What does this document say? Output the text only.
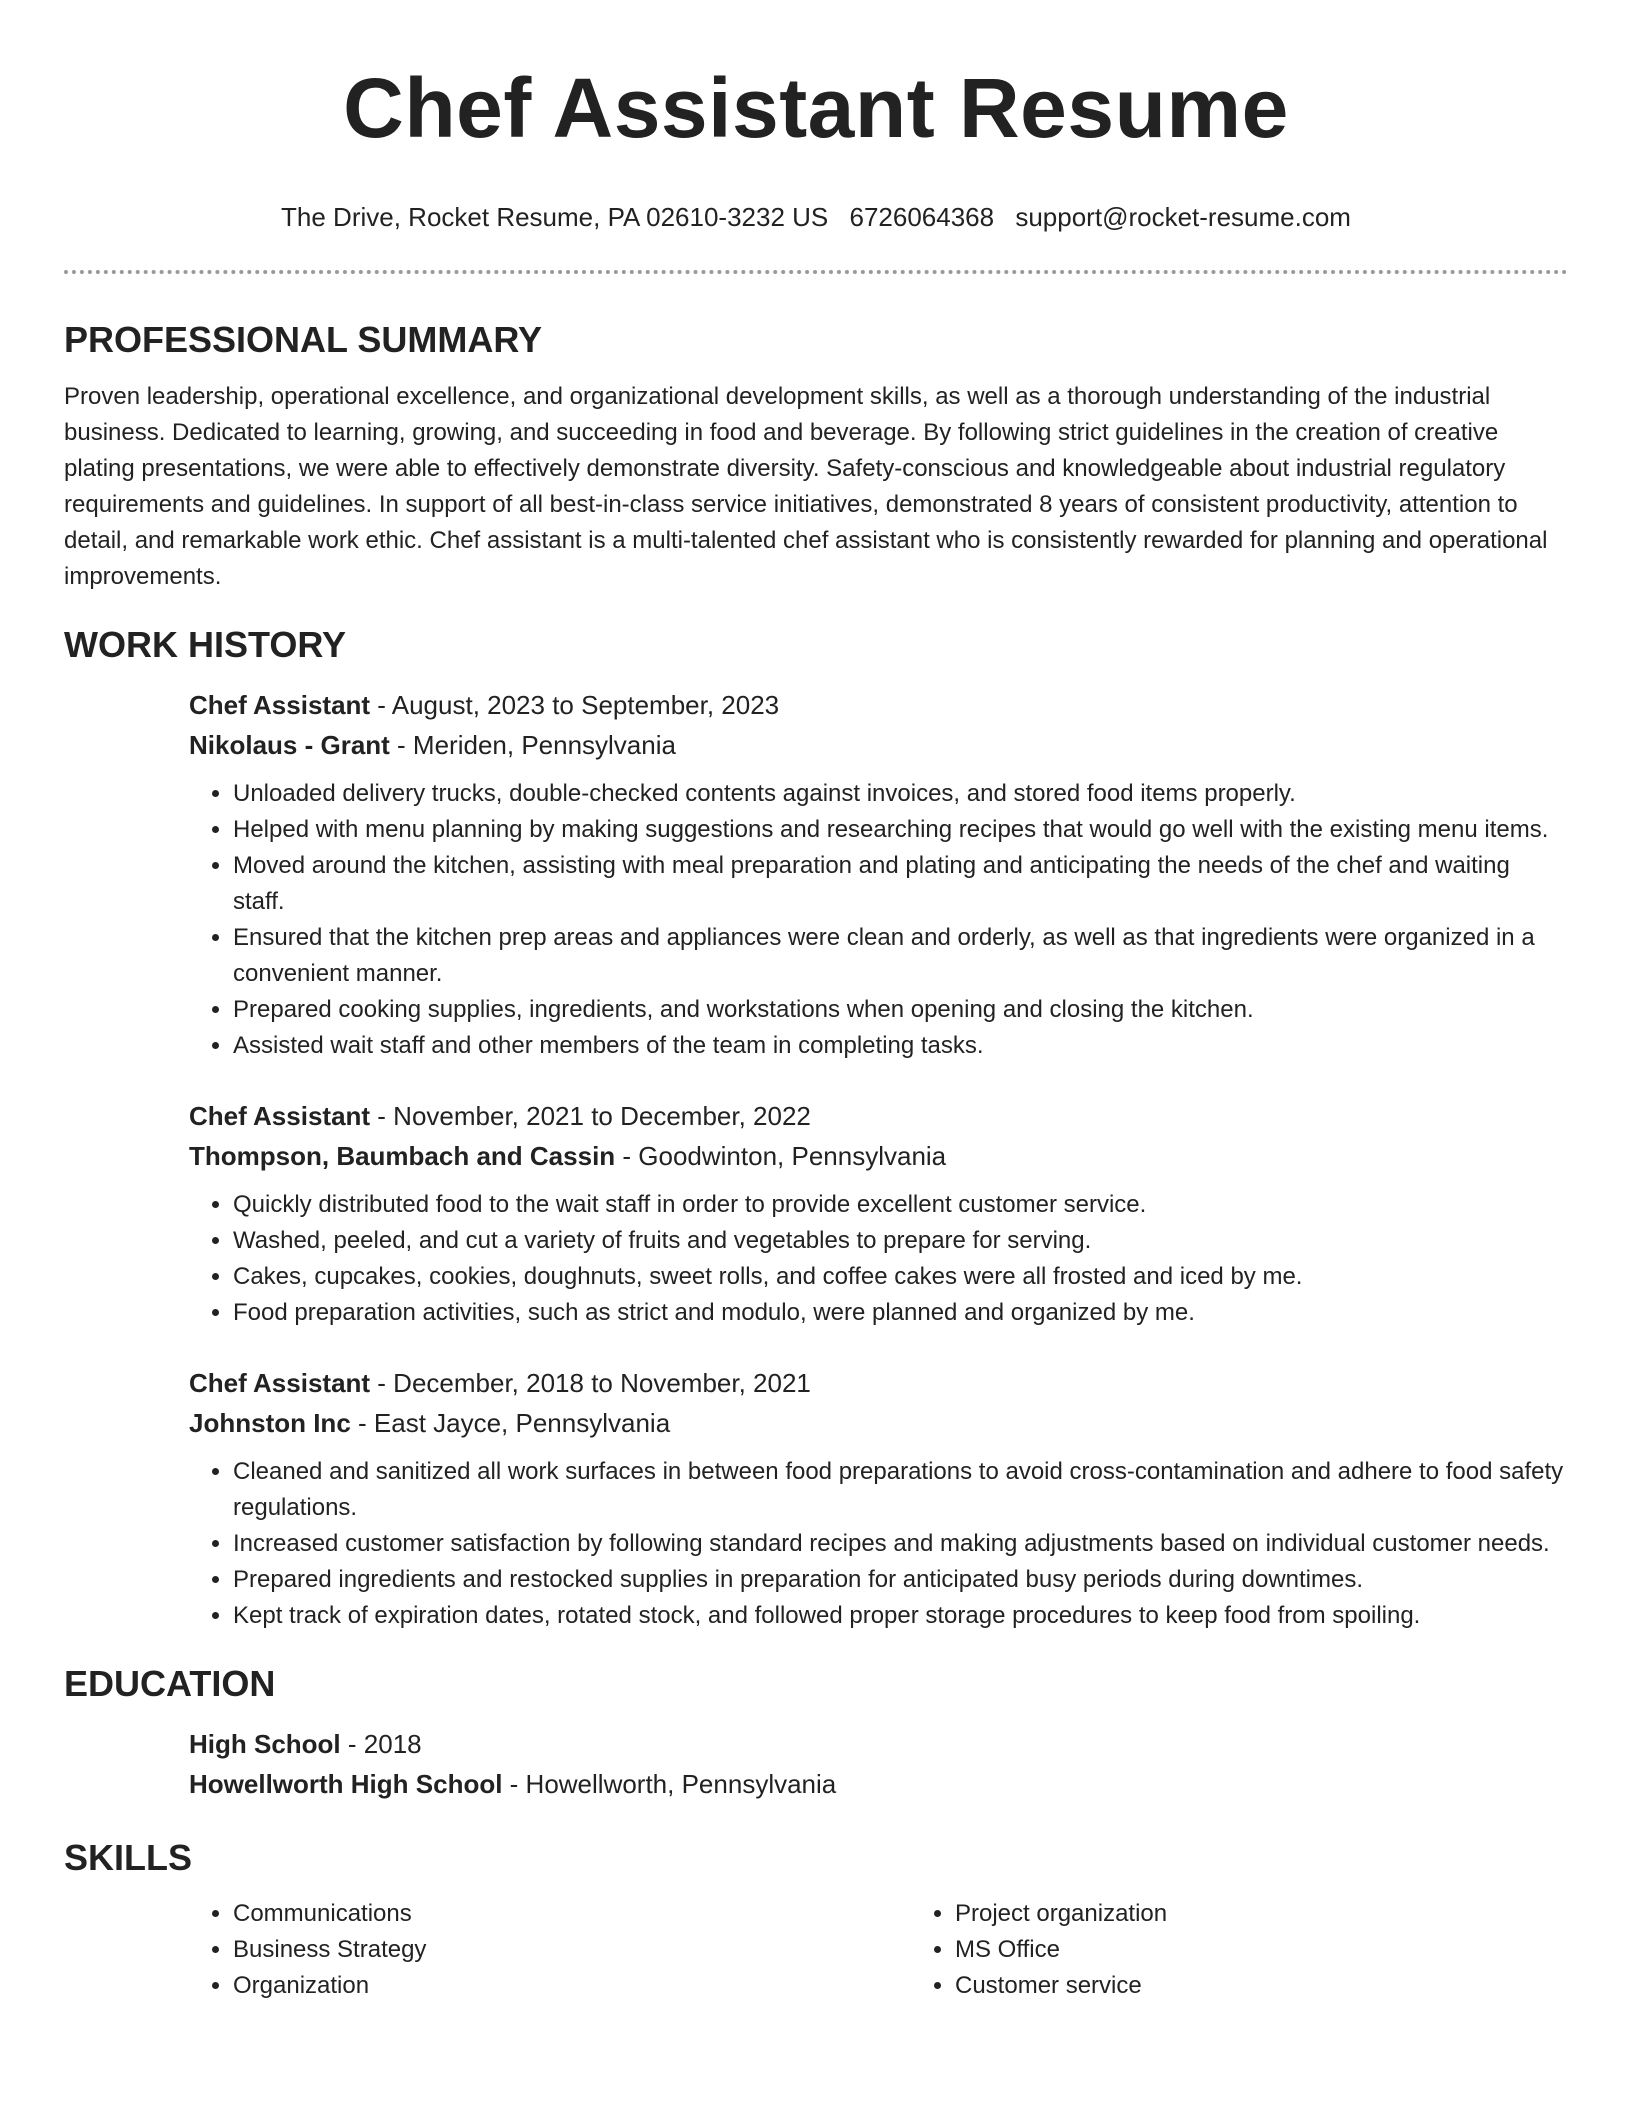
Chef Assistant Resume
The Drive, Rocket Resume, PA 02610-3232 US 6726064368 support@rocket-resume.com
PROFESSIONAL SUMMARY

Proven leadership, operational excellence, and organizational development skills, as well as a thorough understanding of the industrial business. Dedicated to learning, growing, and succeeding in food and beverage. By following strict guidelines in the creation of creative plating presentations, we were able to effectively demonstrate diversity. Safety-conscious and knowledgeable about industrial regulatory requirements and guidelines. In support of all best-in-class service initiatives, demonstrated 8 years of consistent productivity, attention to detail, and remarkable work ethic. Chef assistant is a multi-talented chef assistant who is consistently rewarded for planning and operational improvements.

WORK HISTORY
Chef Assistant - August, 2023 to September, 2023
Nikolaus - Grant - Meriden, Pennsylvania
• Unloaded delivery trucks, double-checked contents against invoices, and stored food items properly.
• Helped with menu planning by making suggestions and researching recipes that would go well with the existing menu items.
• Moved around the kitchen, assisting with meal preparation and plating and anticipating the needs of the chef and waiting staff.
• Ensured that the kitchen prep areas and appliances were clean and orderly, as well as that ingredients were organized in a convenient manner.
• Prepared cooking supplies, ingredients, and workstations when opening and closing the kitchen.
• Assisted wait staff and other members of the team in completing tasks.
Chef Assistant - November, 2021 to December, 2022
Thompson, Baumbach and Cassin - Goodwinton, Pennsylvania
• Quickly distributed food to the wait staff in order to provide excellent customer service.
• Washed, peeled, and cut a variety of fruits and vegetables to prepare for serving.
• Cakes, cupcakes, cookies, doughnuts, sweet rolls, and coffee cakes were all frosted and iced by me.
• Food preparation activities, such as strict and modulo, were planned and organized by me.
Chef Assistant - December, 2018 to November, 2021
Johnston Inc - East Jayce, Pennsylvania
• Cleaned and sanitized all work surfaces in between food preparations to avoid cross-contamination and adhere to food safety regulations.
• Increased customer satisfaction by following standard recipes and making adjustments based on individual customer needs.
• Prepared ingredients and restocked supplies in preparation for anticipated busy periods during downtimes.
• Kept track of expiration dates, rotated stock, and followed proper storage procedures to keep food from spoiling.
EDUCATION
High School - 2018
Howellworth High School - Howellworth, Pennsylvania
SKILLS
• Communications
• Business Strategy
• Organization
• Project organization
• MS Office
• Customer service
